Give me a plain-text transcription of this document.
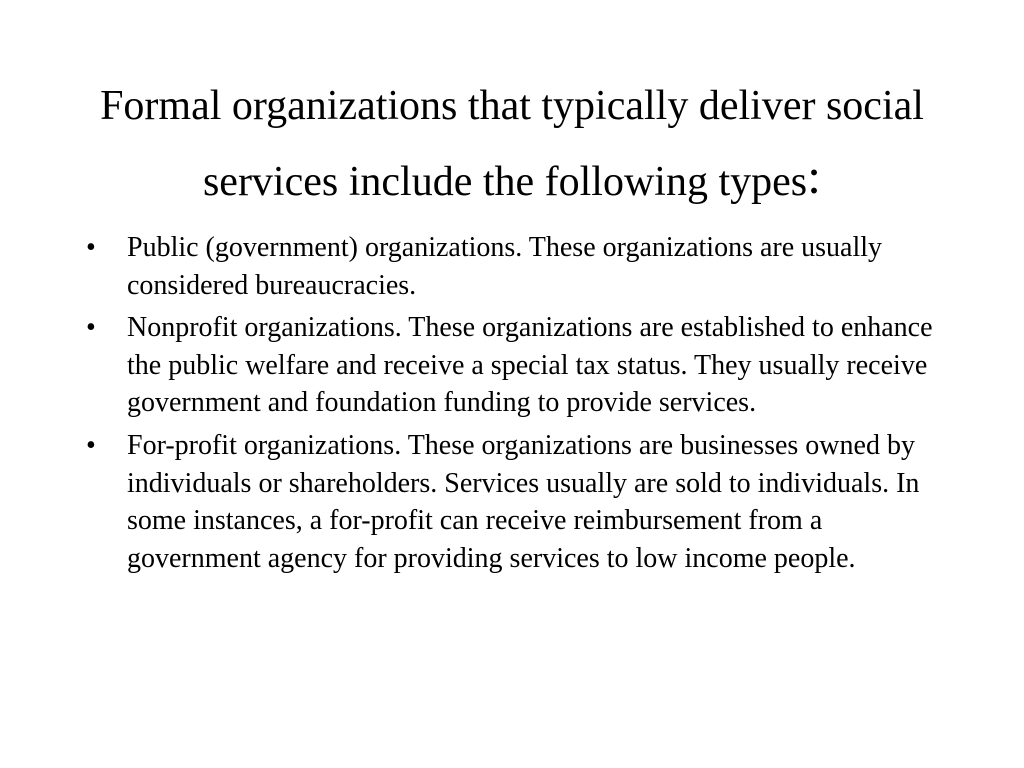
Formal organizations that typically deliver social services include the following types:
• Public (government) organizations. These organizations are usually considered bureaucracies.
• Nonprofit organizations. These organizations are established to enhance the public welfare and receive a special tax status. They usually receive government and foundation funding to provide services.
• For-profit organizations. These organizations are businesses owned by individuals or shareholders. Services usually are sold to individuals. In some instances, a for-profit can receive reimbursement from a government agency for providing services to low income people.
